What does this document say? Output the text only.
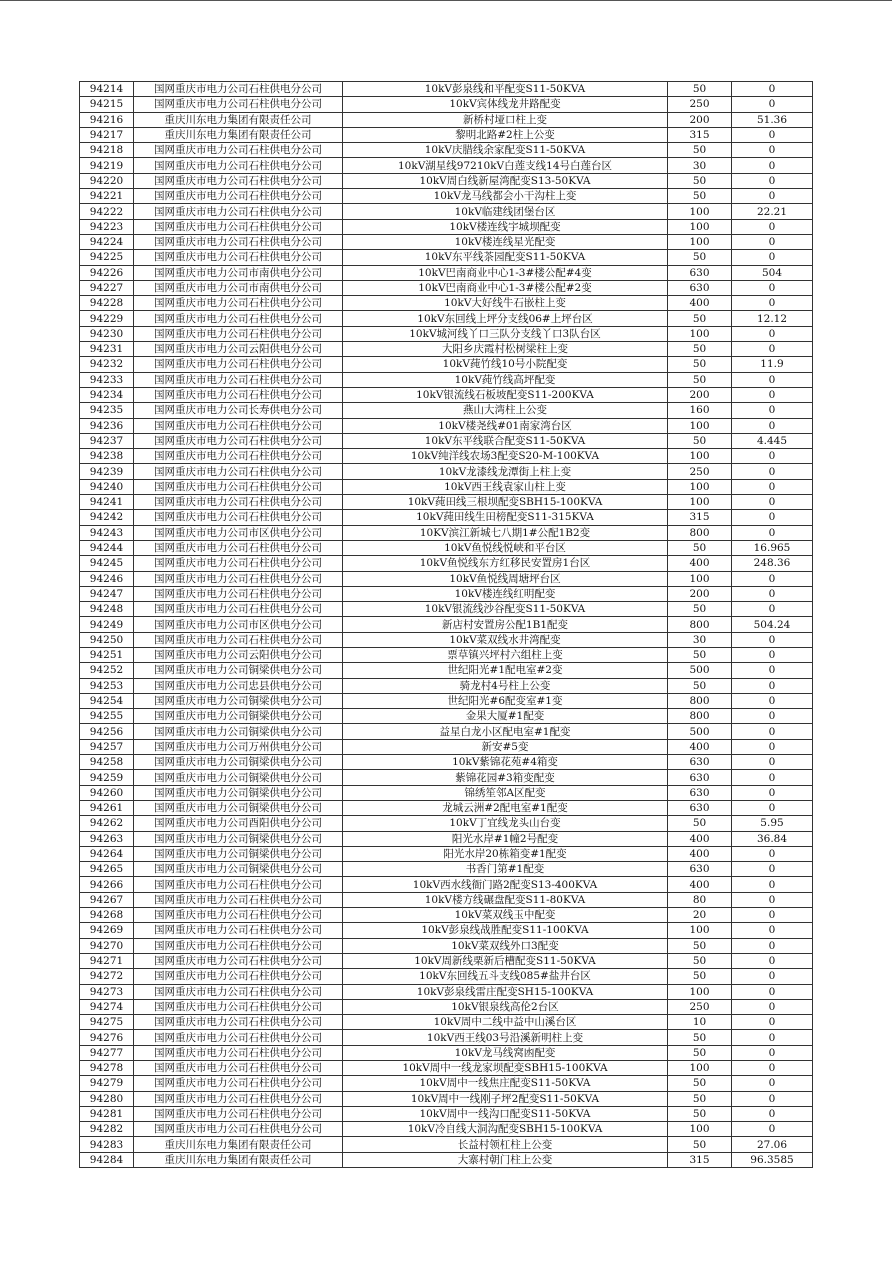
94214	国网重庆市电力公司石柱供电分公司	10kV彭泉线和平配变S11-50KVA	50	0
94215	国网重庆市电力公司石柱供电分公司	10kV宾体线龙井路配变	250	0
94216	重庆川东电力集团有限责任公司	新桥村垭口柱上变	200	51.36
94217	重庆川东电力集团有限责任公司	黎明北路#2柱上公变	315	0
94218	国网重庆市电力公司石柱供电分公司	10kV庆腊线余家配变S11-50KVA	50	0
94219	国网重庆市电力公司石柱供电分公司	10kV湖星线97210kV白莲支线14号白莲台区	30	0
94220	国网重庆市电力公司石柱供电分公司	10kV周白线新屋湾配变S13-50KVA	50	0
94221	国网重庆市电力公司石柱供电分公司	10kV龙马线都会小干沟柱上变	50	0
94222	国网重庆市电力公司石柱供电分公司	10kV临建线团堡台区	100	22.21
94223	国网重庆市电力公司石柱供电分公司	10kV楼连线宇城坝配变	100	0
94224	国网重庆市电力公司石柱供电分公司	10kV楼连线星光配变	100	0
94225	国网重庆市电力公司石柱供电分公司	10kV东平线茶园配变S11-50KVA	50	0
94226	国网重庆市电力公司市南供电分公司	10kV巴南商业中心1-3#楼公配#4变	630	504
94227	国网重庆市电力公司市南供电分公司	10kV巴南商业中心1-3#楼公配#2变	630	0
94228	国网重庆市电力公司石柱供电分公司	10kV大好线牛石嵌柱上变	400	0
94229	国网重庆市电力公司石柱供电分公司	10kV东回线上坪分支线06#上坪台区	50	12.12
94230	国网重庆市电力公司石柱供电分公司	10kV城河线丫口三队分支线丫口3队台区	100	0
94231	国网重庆市电力公司云阳供电分公司	大阳乡庆霞村松树梁柱上变	50	0
94232	国网重庆市电力公司石柱供电分公司	10kV莼竹线10号小院配变	50	11.9
94233	国网重庆市电力公司石柱供电分公司	10kV莼竹线高坪配变	50	0
94234	国网重庆市电力公司石柱供电分公司	10kV银流线石板坡配变S11-200KVA	200	0
94235	国网重庆市电力公司长寿供电分公司	燕山大湾柱上公变	160	0
94236	国网重庆市电力公司石柱供电分公司	10kV楼尧线#01南家湾台区	100	0
94237	国网重庆市电力公司石柱供电分公司	10kV东平线联合配变S11-50KVA	50	4.445
94238	国网重庆市电力公司石柱供电分公司	10kV纯洋线农场3配变S20-M-100KVA	100	0
94239	国网重庆市电力公司石柱供电分公司	10kV龙漆线龙潭街上柱上变	250	0
94240	国网重庆市电力公司石柱供电分公司	10kV西王线袁家山柱上变	100	0
94241	国网重庆市电力公司石柱供电分公司	10kV莼田线三根坝配变SBH15-100KVA	100	0
94242	国网重庆市电力公司石柱供电分公司	10kV莼田线生田榜配变S11-315KVA	315	0
94243	国网重庆市电力公司市区供电分公司	10KV滨江新城七八期1#公配1B2变	800	0
94244	国网重庆市电力公司石柱供电分公司	10kV鱼悦线悦峡和平台区	50	16.965
94245	国网重庆市电力公司石柱供电分公司	10kV鱼悦线东方红移民安置房1台区	400	248.36
94246	国网重庆市电力公司石柱供电分公司	10kV鱼悦线周塘坪台区	100	0
94247	国网重庆市电力公司石柱供电分公司	10kV楼连线红明配变	200	0
94248	国网重庆市电力公司石柱供电分公司	10kV银流线沙谷配变S11-50KVA	50	0
94249	国网重庆市电力公司市区供电分公司	新店村安置房公配1B1配变	800	504.24
94250	国网重庆市电力公司石柱供电分公司	10kV菜双线水井湾配变	30	0
94251	国网重庆市电力公司云阳供电分公司	票草镇兴坪村六组柱上变	50	0
94252	国网重庆市电力公司铜梁供电分公司	世纪阳光#1配电室#2变	500	0
94253	国网重庆市电力公司忠县供电分公司	骑龙村4号柱上公变	50	0
94254	国网重庆市电力公司铜梁供电分公司	世纪阳光#6配变室#1变	800	0
94255	国网重庆市电力公司铜梁供电分公司	金果大厦#1配变	800	0
94256	国网重庆市电力公司铜梁供电分公司	益星白龙小区配电室#1配变	500	0
94257	国网重庆市电力公司万州供电分公司	新安#5变	400	0
94258	国网重庆市电力公司铜梁供电分公司	10kV紫锦花苑#4箱变	630	0
94259	国网重庆市电力公司铜梁供电分公司	紫锦花园#3箱变配变	630	0
94260	国网重庆市电力公司铜梁供电分公司	锦绣笙邻A区配变	630	0
94261	国网重庆市电力公司铜梁供电分公司	龙城云洲#2配电室#1配变	630	0
94262	国网重庆市电力公司酉阳供电分公司	10kV丁宜线龙头山台变	50	5.95
94263	国网重庆市电力公司铜梁供电分公司	阳光水岸#1幢2号配变	400	36.84
94264	国网重庆市电力公司铜梁供电分公司	阳光水岸20栋箱变#1配变	400	0
94265	国网重庆市电力公司铜梁供电分公司	书香门第#1配变	630	0
94266	国网重庆市电力公司石柱供电分公司	10kV西水线衙门路2配变S13-400KVA	400	0
94267	国网重庆市电力公司石柱供电分公司	10kV楼方线碾盘配变S11-80KVA	80	0
94268	国网重庆市电力公司石柱供电分公司	10kV菜双线玉中配变	20	0
94269	国网重庆市电力公司石柱供电分公司	10kV彭泉线战胜配变S11-100KVA	100	0
94270	国网重庆市电力公司石柱供电分公司	10kV菜双线外口3配变	50	0
94271	国网重庆市电力公司石柱供电分公司	10kV周新线栗新后槽配变S11-50KVA	50	0
94272	国网重庆市电力公司石柱供电分公司	10kV东回线五斗支线085#盐井台区	50	0
94273	国网重庆市电力公司石柱供电分公司	10kV彭泉线雷庄配变SH15-100KVA	100	0
94274	国网重庆市电力公司石柱供电分公司	10kV银泉线高伦2台区	250	0
94275	国网重庆市电力公司石柱供电分公司	10kV周中二线中益中山溪台区	10	0
94276	国网重庆市电力公司石柱供电分公司	10kV西王线03号沿溪新明柱上变	50	0
94277	国网重庆市电力公司石柱供电分公司	10kV龙马线窝凼配变	50	0
94278	国网重庆市电力公司石柱供电分公司	10kV周中一线龙家坝配变SBH15-100KVA	100	0
94279	国网重庆市电力公司石柱供电分公司	10kV周中一线焦庄配变S11-50KVA	50	0
94280	国网重庆市电力公司石柱供电分公司	10kV周中一线刚子坪2配变S11-50KVA	50	0
94281	国网重庆市电力公司石柱供电分公司	10kV周中一线沟口配变S11-50KVA	50	0
94282	国网重庆市电力公司石柱供电分公司	10kV冷自线大洞沟配变SBH15-100KVA	100	0
94283	重庆川东电力集团有限责任公司	长益村领杠柱上公变	50	27.06
94284	重庆川东电力集团有限责任公司	大寨村朝门柱上公变	315	96.3585
